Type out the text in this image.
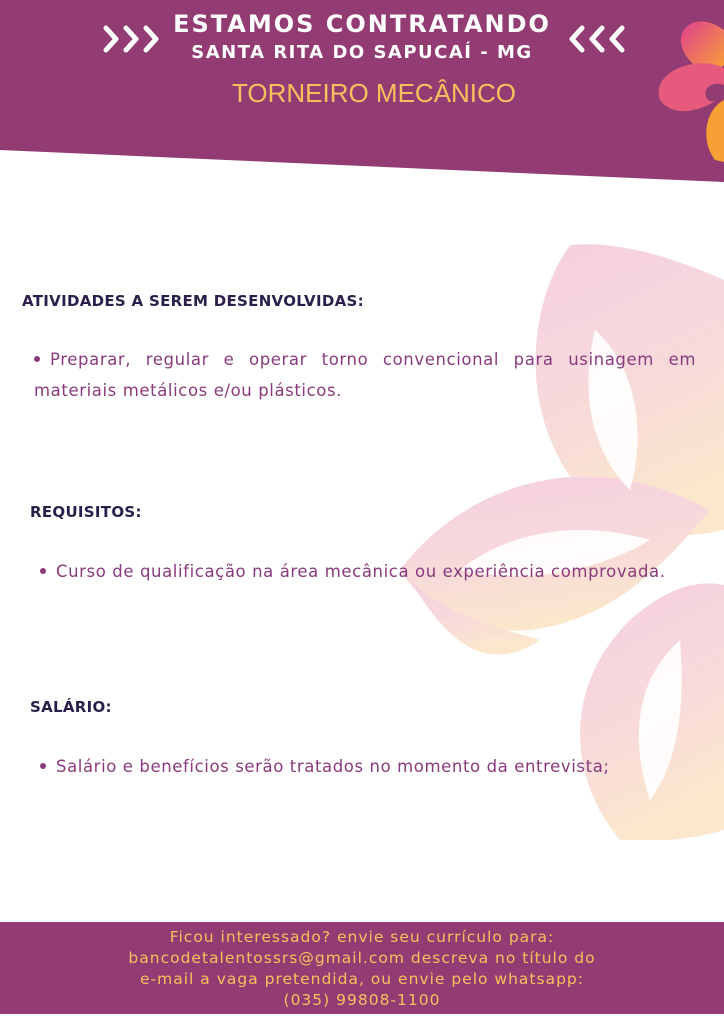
ESTAMOS CONTRATANDO
SANTA RITA DO SAPUCAÍ - MG
TORNEIRO MECÂNICO
ATIVIDADES A SEREM DESENVOLVIDAS:
Preparar, regular e operar torno convencional para usinagem em materiais metálicos e/ou plásticos.
REQUISITOS:
Curso de qualificação na área mecânica ou experiência comprovada.
SALÁRIO:
Salário e benefícios serão tratados no momento da entrevista;
Ficou interessado? envie seu currículo para:
bancodetalentossrs@gmail.com descreva no título do
e-mail a vaga pretendida, ou envie pelo whatsapp:
(035) 99808-1100
